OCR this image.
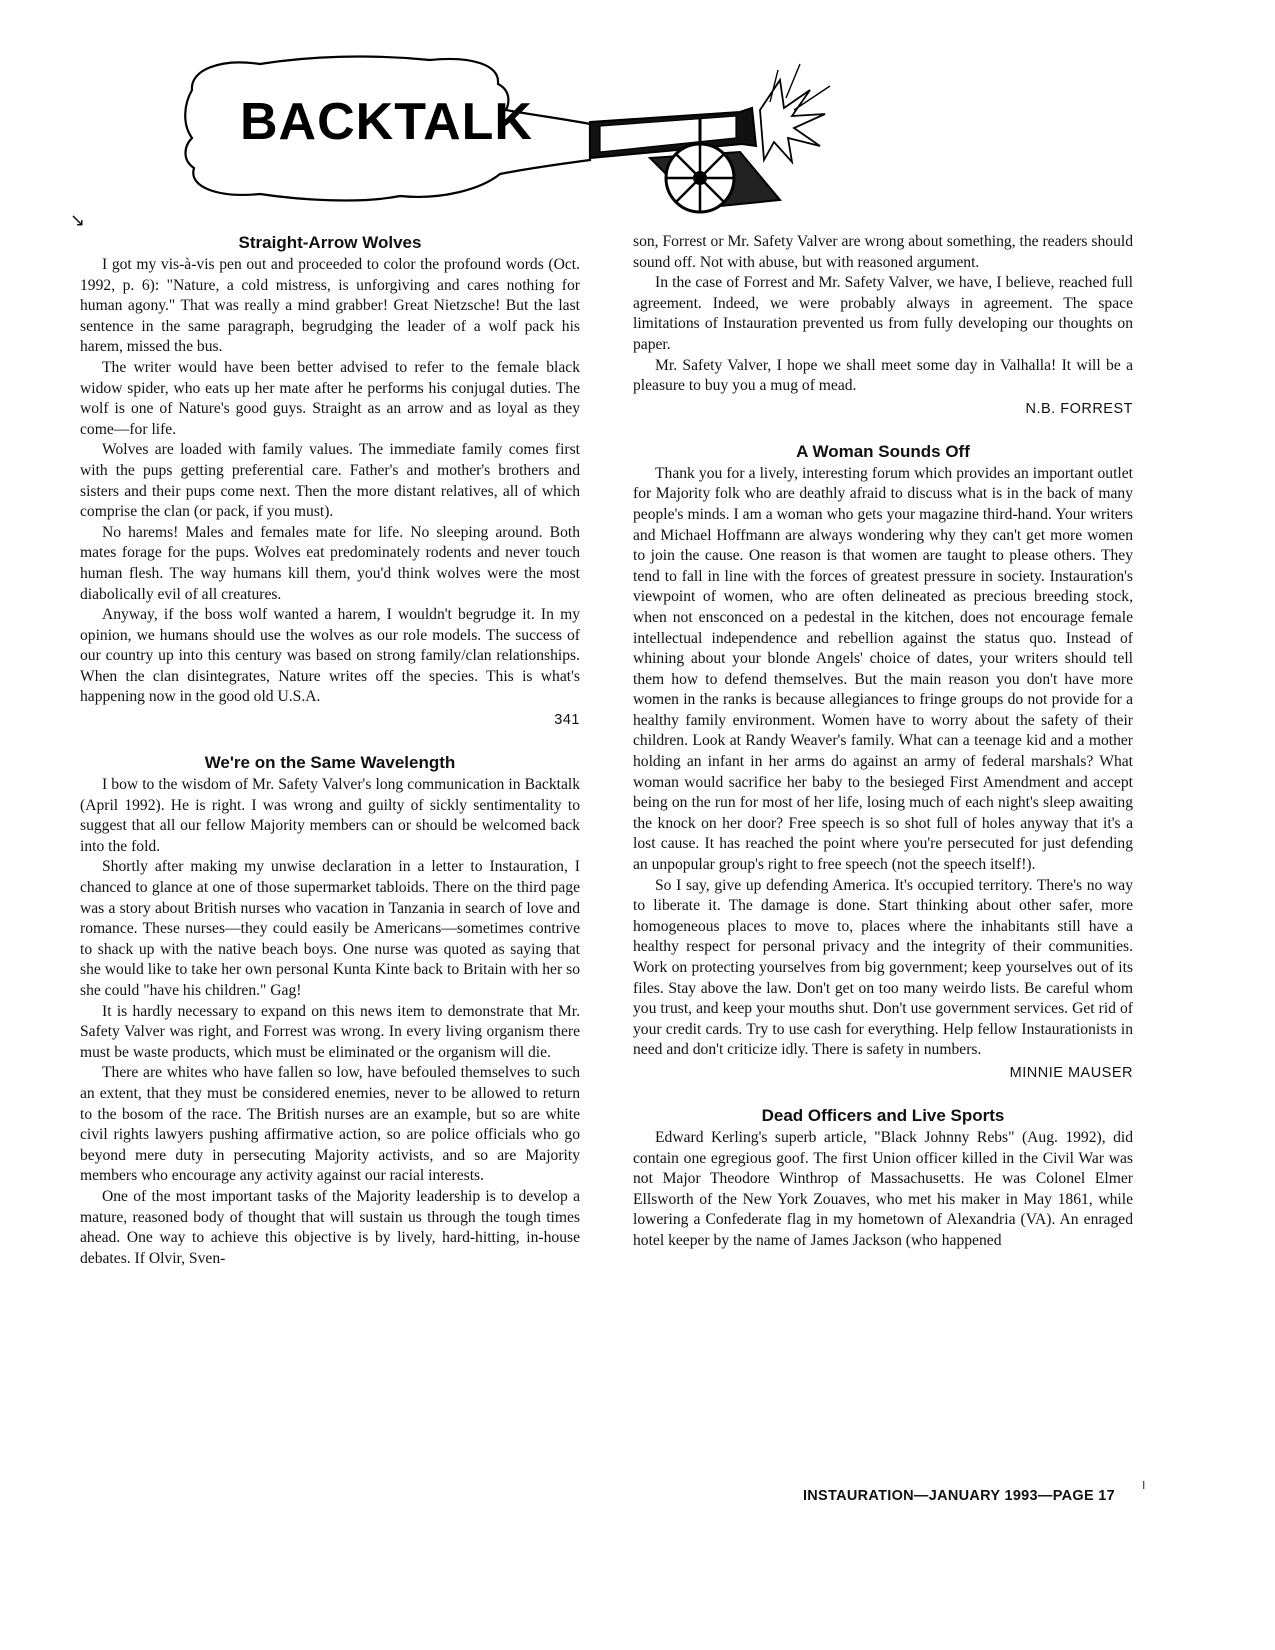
BACKTALK
↘
Straight-Arrow Wolves

I got my vis-à-vis pen out and proceeded to color the profound words (Oct. 1992, p. 6): "Nature, a cold mistress, is unforgiving and cares nothing for human agony." That was really a mind grabber! Great Nietzsche! But the last sentence in the same paragraph, begrudging the leader of a wolf pack his harem, missed the bus.

The writer would have been better advised to refer to the female black widow spider, who eats up her mate after he performs his conjugal duties. The wolf is one of Nature's good guys. Straight as an arrow and as loyal as they come—for life.

Wolves are loaded with family values. The immediate family comes first with the pups getting preferential care. Father's and mother's brothers and sisters and their pups come next. Then the more distant relatives, all of which comprise the clan (or pack, if you must).

No harems! Males and females mate for life. No sleeping around. Both mates forage for the pups. Wolves eat predominately rodents and never touch human flesh. The way humans kill them, you'd think wolves were the most diabolically evil of all creatures.

Anyway, if the boss wolf wanted a harem, I wouldn't begrudge it. In my opinion, we humans should use the wolves as our role models. The success of our country up into this century was based on strong family/clan relationships. When the clan disintegrates, Nature writes off the species. This is what's happening now in the good old U.S.A.

341
We're on the Same Wavelength

I bow to the wisdom of Mr. Safety Valver's long communication in Backtalk (April 1992). He is right. I was wrong and guilty of sickly sentimentality to suggest that all our fellow Majority members can or should be welcomed back into the fold.

Shortly after making my unwise declaration in a letter to Instauration, I chanced to glance at one of those supermarket tabloids. There on the third page was a story about British nurses who vacation in Tanzania in search of love and romance. These nurses—they could easily be Americans—sometimes contrive to shack up with the native beach boys. One nurse was quoted as saying that she would like to take her own personal Kunta Kinte back to Britain with her so she could "have his children." Gag!

It is hardly necessary to expand on this news item to demonstrate that Mr. Safety Valver was right, and Forrest was wrong. In every living organism there must be waste products, which must be eliminated or the organism will die.

There are whites who have fallen so low, have befouled themselves to such an extent, that they must be considered enemies, never to be allowed to return to the bosom of the race. The British nurses are an example, but so are white civil rights lawyers pushing affirmative action, so are police officials who go beyond mere duty in persecuting Majority activists, and so are Majority members who encourage any activity against our racial interests.

One of the most important tasks of the Majority leadership is to develop a mature, reasoned body of thought that will sustain us through the tough times ahead. One way to achieve this objective is by lively, hard-hitting, in-house debates. If Olvir, Sven-

son, Forrest or Mr. Safety Valver are wrong about something, the readers should sound off. Not with abuse, but with reasoned argument.

In the case of Forrest and Mr. Safety Valver, we have, I believe, reached full agreement. Indeed, we were probably always in agreement. The space limitations of Instauration prevented us from fully developing our thoughts on paper.

Mr. Safety Valver, I hope we shall meet some day in Valhalla! It will be a pleasure to buy you a mug of mead.

N.B. FORREST
A Woman Sounds Off

Thank you for a lively, interesting forum which provides an important outlet for Majority folk who are deathly afraid to discuss what is in the back of many people's minds. I am a woman who gets your magazine third-hand. Your writers and Michael Hoffmann are always wondering why they can't get more women to join the cause. One reason is that women are taught to please others. They tend to fall in line with the forces of greatest pressure in society. Instauration's viewpoint of women, who are often delineated as precious breeding stock, when not ensconced on a pedestal in the kitchen, does not encourage female intellectual independence and rebellion against the status quo. Instead of whining about your blonde Angels' choice of dates, your writers should tell them how to defend themselves. But the main reason you don't have more women in the ranks is because allegiances to fringe groups do not provide for a healthy family environment. Women have to worry about the safety of their children. Look at Randy Weaver's family. What can a teenage kid and a mother holding an infant in her arms do against an army of federal marshals? What woman would sacrifice her baby to the besieged First Amendment and accept being on the run for most of her life, losing much of each night's sleep awaiting the knock on her door? Free speech is so shot full of holes anyway that it's a lost cause. It has reached the point where you're persecuted for just defending an unpopular group's right to free speech (not the speech itself!).

So I say, give up defending America. It's occupied territory. There's no way to liberate it. The damage is done. Start thinking about other safer, more homogeneous places to move to, places where the inhabitants still have a healthy respect for personal privacy and the integrity of their communities. Work on protecting yourselves from big government; keep yourselves out of its files. Stay above the law. Don't get on too many weirdo lists. Be careful whom you trust, and keep your mouths shut. Don't use government services. Get rid of your credit cards. Try to use cash for everything. Help fellow Instaurationists in need and don't criticize idly. There is safety in numbers.

MINNIE MAUSER
Dead Officers and Live Sports

Edward Kerling's superb article, "Black Johnny Rebs" (Aug. 1992), did contain one egregious goof. The first Union officer killed in the Civil War was not Major Theodore Winthrop of Massachusetts. He was Colonel Elmer Ellsworth of the New York Zouaves, who met his maker in May 1861, while lowering a Confederate flag in my hometown of Alexandria (VA). An enraged hotel keeper by the name of James Jackson (who happened

INSTAURATION—JANUARY 1993—PAGE 17 ˡ
